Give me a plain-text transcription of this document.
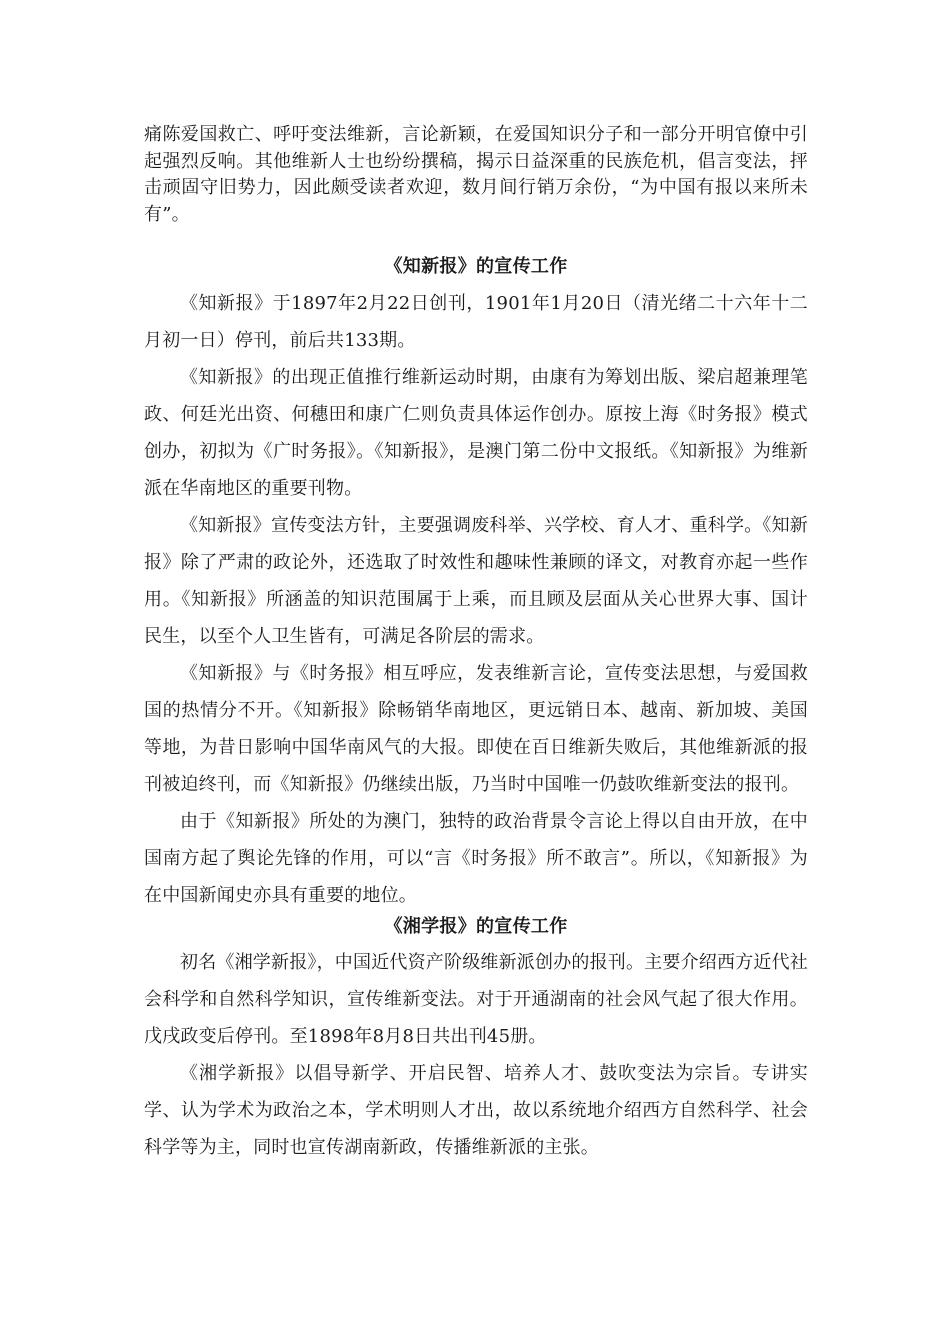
痛陈爱国救亡、呼吁变法维新，言论新颖，在爱国知识分子和一部分开明官僚中引起强烈反响。其他维新人士也纷纷撰稿，揭示日益深重的民族危机，倡言变法，抨击顽固守旧势力，因此颇受读者欢迎，数月间行销万余份，“为中国有报以来所未有”。

《知新报》的宣传工作

《知新报》于1897年2月22日创刊，1901年1月20日（清光绪二十六年十二月初一日）停刊，前后共133期。

《知新报》的出现正值推行维新运动时期，由康有为筹划出版、梁启超兼理笔政、何廷光出资、何穗田和康广仁则负责具体运作创办。原按上海《时务报》模式创办，初拟为《广时务报》。《知新报》，是澳门第二份中文报纸。《知新报》为维新派在华南地区的重要刊物。

《知新报》宣传变法方针，主要强调废科举、兴学校、育人才、重科学。《知新报》除了严肃的政论外，还选取了时效性和趣味性兼顾的译文，对教育亦起一些作用。《知新报》所涵盖的知识范围属于上乘，而且顾及层面从关心世界大事、国计民生，以至个人卫生皆有，可满足各阶层的需求。

《知新报》与《时务报》相互呼应，发表维新言论，宣传变法思想，与爱国救国的热情分不开。《知新报》除畅销华南地区，更远销日本、越南、新加坡、美国等地，为昔日影响中国华南风气的大报。即使在百日维新失败后，其他维新派的报刊被迫终刊，而《知新报》仍继续出版，乃当时中国唯一仍鼓吹维新变法的报刊。

由于《知新报》所处的为澳门，独特的政治背景令言论上得以自由开放，在中国南方起了舆论先锋的作用，可以“言《时务报》所不敢言”。所以，《知新报》为在中国新闻史亦具有重要的地位。

《湘学报》的宣传工作

初名《湘学新报》，中国近代资产阶级维新派创办的报刊。主要介绍西方近代社会科学和自然科学知识，宣传维新变法。对于开通湖南的社会风气起了很大作用。戊戌政变后停刊。至1898年8月8日共出刊45册。

《湘学新报》以倡导新学、开启民智、培养人才、鼓吹变法为宗旨。专讲实学、认为学术为政治之本，学术明则人才出，故以系统地介绍西方自然科学、社会科学等为主，同时也宣传湖南新政，传播维新派的主张。
